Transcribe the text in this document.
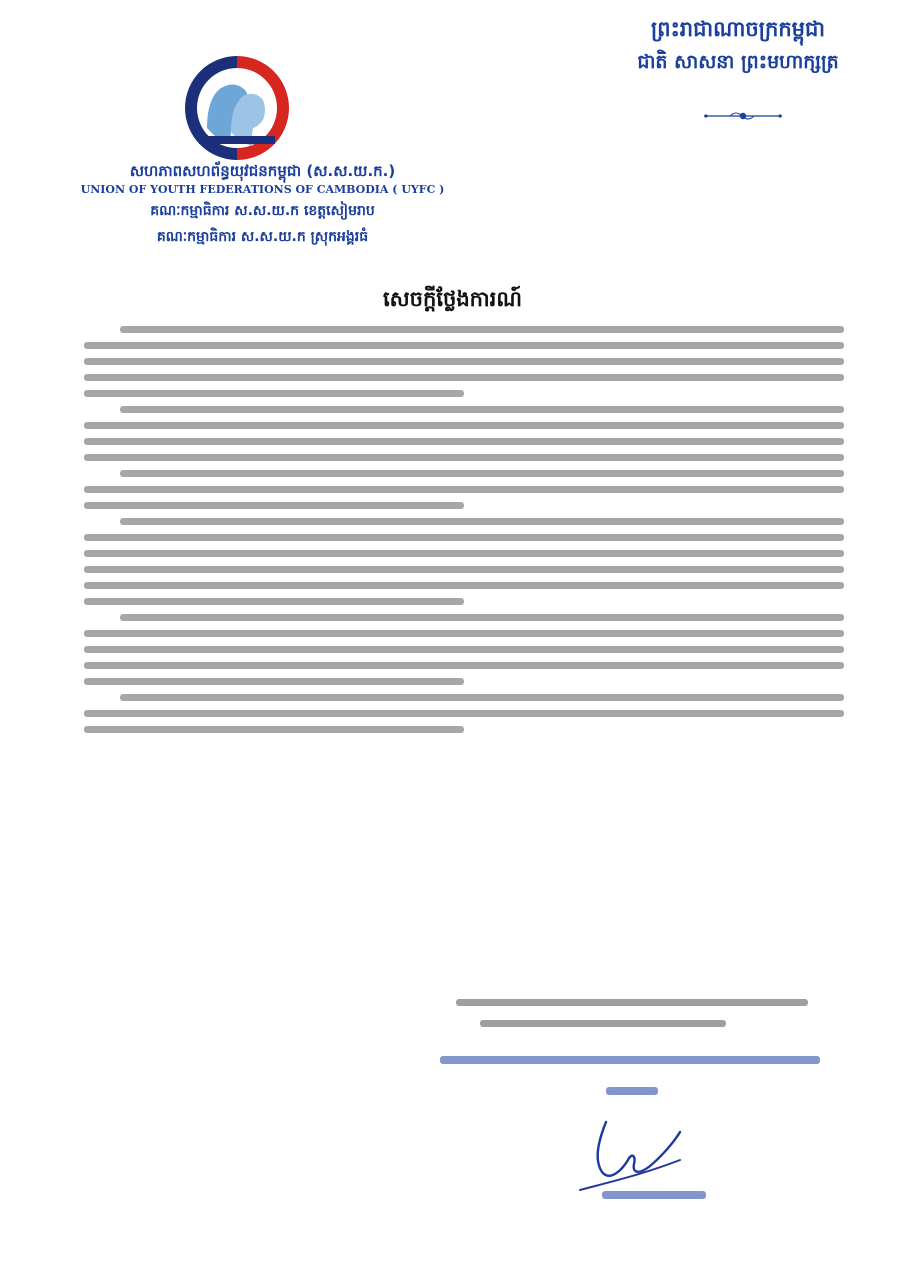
ព្រះរាជាណាចក្រកម្ពុជា
ជាតិ សាសនា ព្រះមហាក្សត្រ
សហភាពសហព័ន្ធយុវជនកម្ពុជា (ស.ស.យ.ក.)
UNION OF YOUTH FEDERATIONS OF CAMBODIA ( UYFC )
គណៈកម្មាធិការ ស.ស.យ.ក ខេត្តសៀមរាប
គណៈកម្មាធិការ ស.ស.យ.ក ស្រុកអង្គរធំ
សេចក្តីថ្លែងការណ៍
